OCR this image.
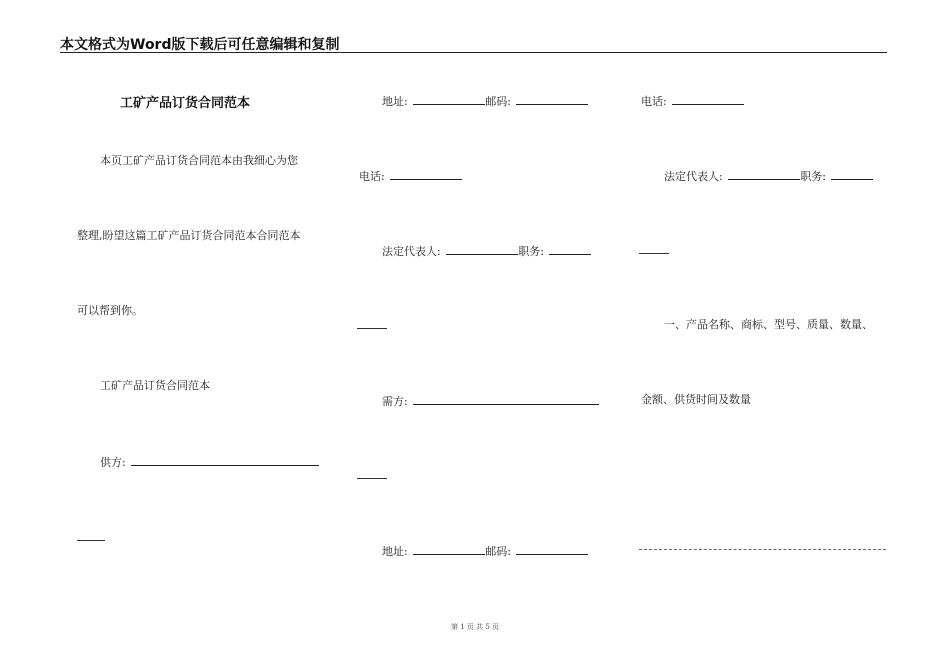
本文格式为Word版下载后可任意编辑和复制
工矿产品订货合同范本
本页工矿产品订货合同范本由我细心为您
整理,盼望这篇工矿产品订货合同范本合同范本
可以帮到你。
工矿产品订货合同范本
供方:
地址:	邮码:
电话:
法定代表人:	职务:
需方:
地址:	邮码:
电话:
法定代表人:	职务:
一、产品名称、商标、型号、质量、数量、
金额、供货时间及数量
第 1 页 共 5 页
